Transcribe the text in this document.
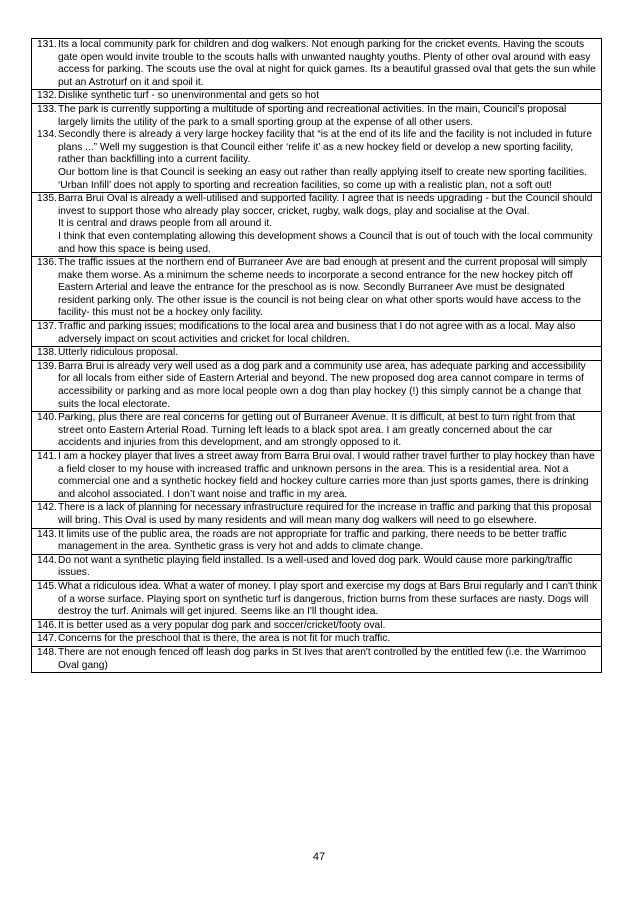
131.Its a local community park for children and dog walkers. Not enough parking for the cricket events. Having the scouts gate open would invite trouble to the scouts halls with unwanted naughty youths. Plenty of other oval around with easy access for parking. The scouts use the oval at night for quick games. Its a beautiful grassed oval that gets the sun while put an Astroturf on it and spoil it.
132.Dislike synthetic turf - so unenvironmental and gets so hot
133.The park is currently supporting a multitude of sporting and recreational activities. In the main, Council’s proposal largely limits the utility of the park to a small sporting group at the expense of all other users.
134.Secondly there is already a very large hockey facility that “is at the end of its life and the facility is not included in future plans ...” Well my suggestion is that Council either ‘relife it’ as a new hockey field or develop a new sporting facility, rather than backfilling into a current facility.
Our bottom line is that Council is seeking an easy out rather than really applying itself to create new sporting facilities. ‘Urban Infill’ does not apply to sporting and recreation facilities, so come up with a realistic plan, not a soft out!
135.Barra Brui Oval is already a well-utilised and supported facility. I agree that is needs upgrading - but the Council should invest to support those who already play soccer, cricket, rugby, walk dogs, play and socialise at the Oval.
It is central and draws people from all around it.
I think that even contemplating allowing this development shows a Council that is out of touch with the local community and how this space is being used.
136.The traffic issues at the northern end of Burraneer Ave are bad enough at present and the current proposal will simply make them worse. As a minimum the scheme needs to incorporate a second entrance for the new hockey pitch off Eastern Arterial and leave the entrance for the preschool as is now. Secondly Burraneer Ave must be designated resident parking only. The other issue is the council is not being clear on what other sports would have access to the facility- this must not be a hockey only facility.
137.Traffic and parking issues; modifications to the local area and business that I do not agree with as a local. May also adversely impact on scout activities and cricket for local children.
138.Utterly ridiculous proposal.
139.Barra Brui is already very well used as a dog park and a community use area, has adequate parking and accessibility for all locals from either side of Eastern Arterial and beyond. The new proposed dog area cannot compare in terms of accessibility or parking and as more local people own a dog than play hockey (!) this simply cannot be a change that suits the local electorate.
140.Parking, plus there are real concerns for getting out of Burraneer Avenue. It is difficult, at best to turn right from that street onto Eastern Arterial Road. Turning left leads to a black spot area. I am greatly concerned about the car accidents and injuries from this development, and am strongly opposed to it.
141.I am a hockey player that lives a street away from Barra Brui oval. I would rather travel further to play hockey than have a field closer to my house with increased traffic and unknown persons in the area. This is a residential area. Not a commercial one and a synthetic hockey field and hockey culture carries more than just sports games, there is drinking and alcohol associated. I don’t want noise and traffic in my area.
142.There is a lack of planning for necessary infrastructure required for the increase in traffic and parking that this proposal will bring. This Oval is used by many residents and will mean many dog walkers will need to go elsewhere.
143.It limits use of the public area, the roads are not appropriate for traffic and parking, there needs to be better traffic management in the area. Synthetic grass is very hot and adds to climate change.
144.Do not want a synthetic playing field installed. Is a well-used and loved dog park. Would cause more parking/traffic issues.
145.What a ridiculous idea. What a water of money. I play sport and exercise my dogs at Bars Brui regularly and I can't think of a worse surface. Playing sport on synthetic turf is dangerous, friction burns from these surfaces are nasty. Dogs will destroy the turf. Animals will get injured. Seems like an I'll thought idea.
146.It is better used as a very popular dog park and soccer/cricket/footy oval.
147.Concerns for the preschool that is there, the area is not fit for much traffic.
148.There are not enough fenced off leash dog parks in St Ives that aren't controlled by the entitled few (i.e. the Warrimoo Oval gang)
47
